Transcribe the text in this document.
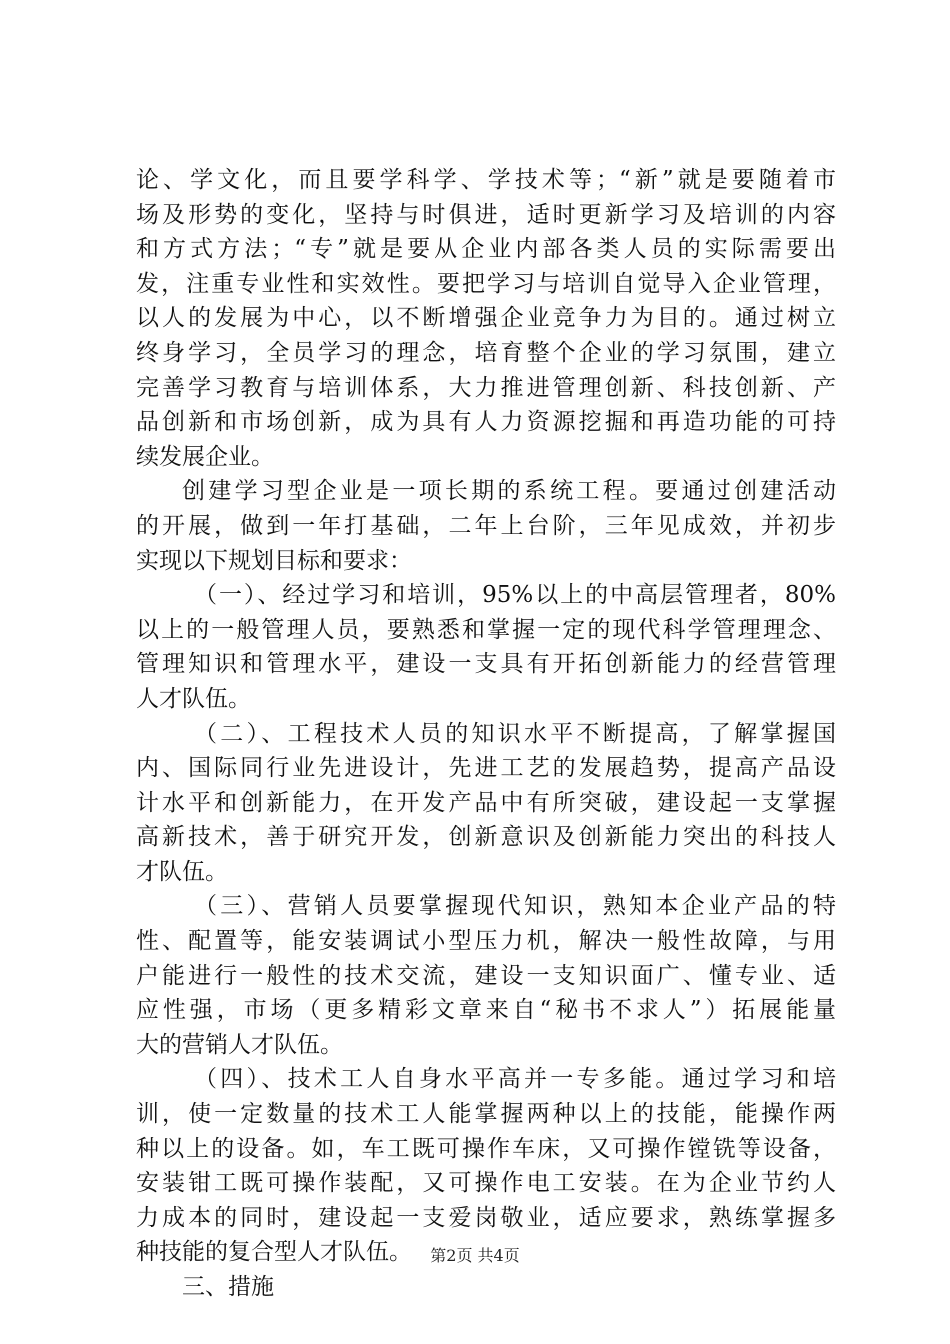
论、学文化，而且要学科学、学技术等；“新”就是要随着市
场及形势的变化，坚持与时俱进，适时更新学习及培训的内容
和方式方法；“专”就是要从企业内部各类人员的实际需要出
发，注重专业性和实效性。要把学习与培训自觉导入企业管理，
以人的发展为中心，以不断增强企业竞争力为目的。通过树立
终身学习，全员学习的理念，培育整个企业的学习氛围，建立
完善学习教育与培训体系，大力推进管理创新、科技创新、产
品创新和市场创新，成为具有人力资源挖掘和再造功能的可持
续发展企业。
创建学习型企业是一项长期的系统工程。要通过创建活动
的开展，做到一年打基础，二年上台阶，三年见成效，并初步
实现以下规划目标和要求：
（一）、经过学习和培训，95%以上的中高层管理者，80%
以上的一般管理人员，要熟悉和掌握一定的现代科学管理理念、
管理知识和管理水平，建设一支具有开拓创新能力的经营管理
人才队伍。
（二）、工程技术人员的知识水平不断提高，了解掌握国
内、国际同行业先进设计，先进工艺的发展趋势，提高产品设
计水平和创新能力，在开发产品中有所突破，建设起一支掌握
高新技术，善于研究开发，创新意识及创新能力突出的科技人
才队伍。
（三）、营销人员要掌握现代知识，熟知本企业产品的特
性、配置等，能安装调试小型压力机，解决一般性故障，与用
户能进行一般性的技术交流，建设一支知识面广、懂专业、适
应性强，市场（更多精彩文章来自“秘书不求人”）拓展能量
大的营销人才队伍。
（四）、技术工人自身水平高并一专多能。通过学习和培
训，使一定数量的技术工人能掌握两种以上的技能，能操作两
种以上的设备。如，车工既可操作车床，又可操作镗铣等设备，
安装钳工既可操作装配，又可操作电工安装。在为企业节约人
力成本的同时，建设起一支爱岗敬业，适应要求，熟练掌握多
种技能的复合型人才队伍。
三、措施
第2页 共4页
